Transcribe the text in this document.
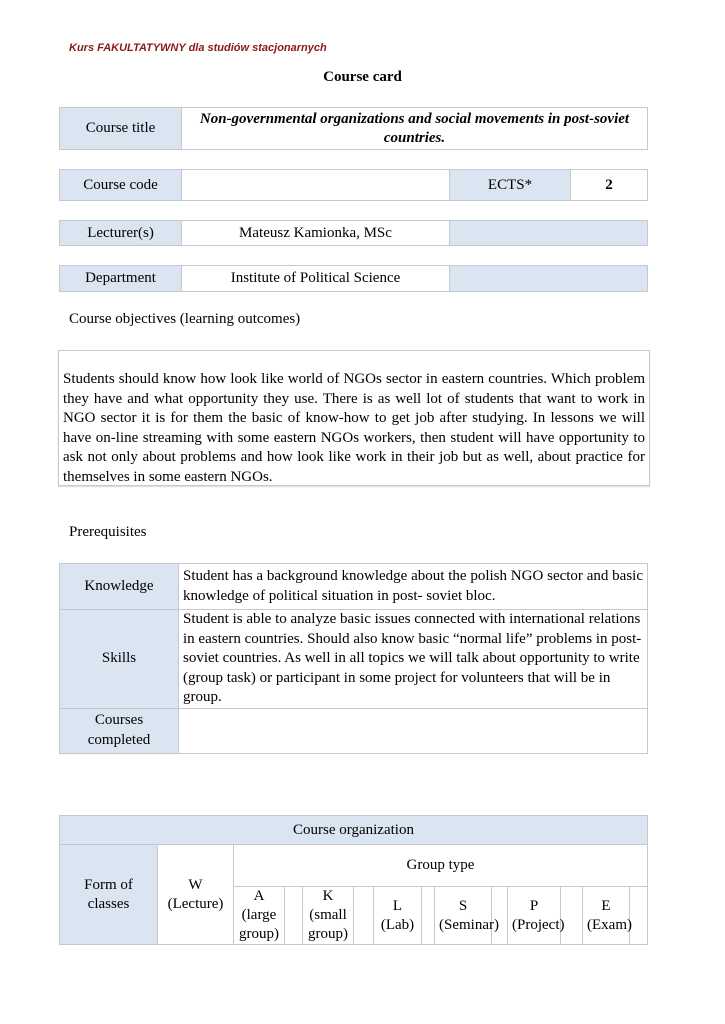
Kurs FAKULTATYWNY dla studiów stacjonarnych
Course card
Course title	Non-governmental organizations and social movements in post-soviet countries.
Course code		ECTS*	2
Lecturer(s)	Mateusz Kamionka, MSc	
Department	Institute of Political Science	
Course objectives (learning outcomes)
Students should know how look like world of NGOs sector in eastern countries. Which problem they have and what opportunity they use. There is as well lot of students that want to work in NGO sector it is for them the basic of know-how to get job after studying. In lessons we will have on-line streaming with some eastern NGOs workers, then student will have opportunity to ask not only about problems and how look like work in their job but as well, about practice for themselves in some eastern NGOs.
Prerequisites
Knowledge	Student has a background knowledge about the polish NGO sector and basic knowledge of political situation in post- soviet bloc.
Skills	Student is able to analyze basic issues connected with international relations in eastern countries. Should also know basic “normal life” problems in post-soviet countries. As well in all topics we will talk about opportunity to write (group task) or participant in some project for volunteers that will be in group.
Courses completed	
Course organization													
Form of classes	W (Lecture)	Group type											
		A (large group)		K (small group)		L (Lab)		S (Seminar)		P (Project)		E (Exam)	
